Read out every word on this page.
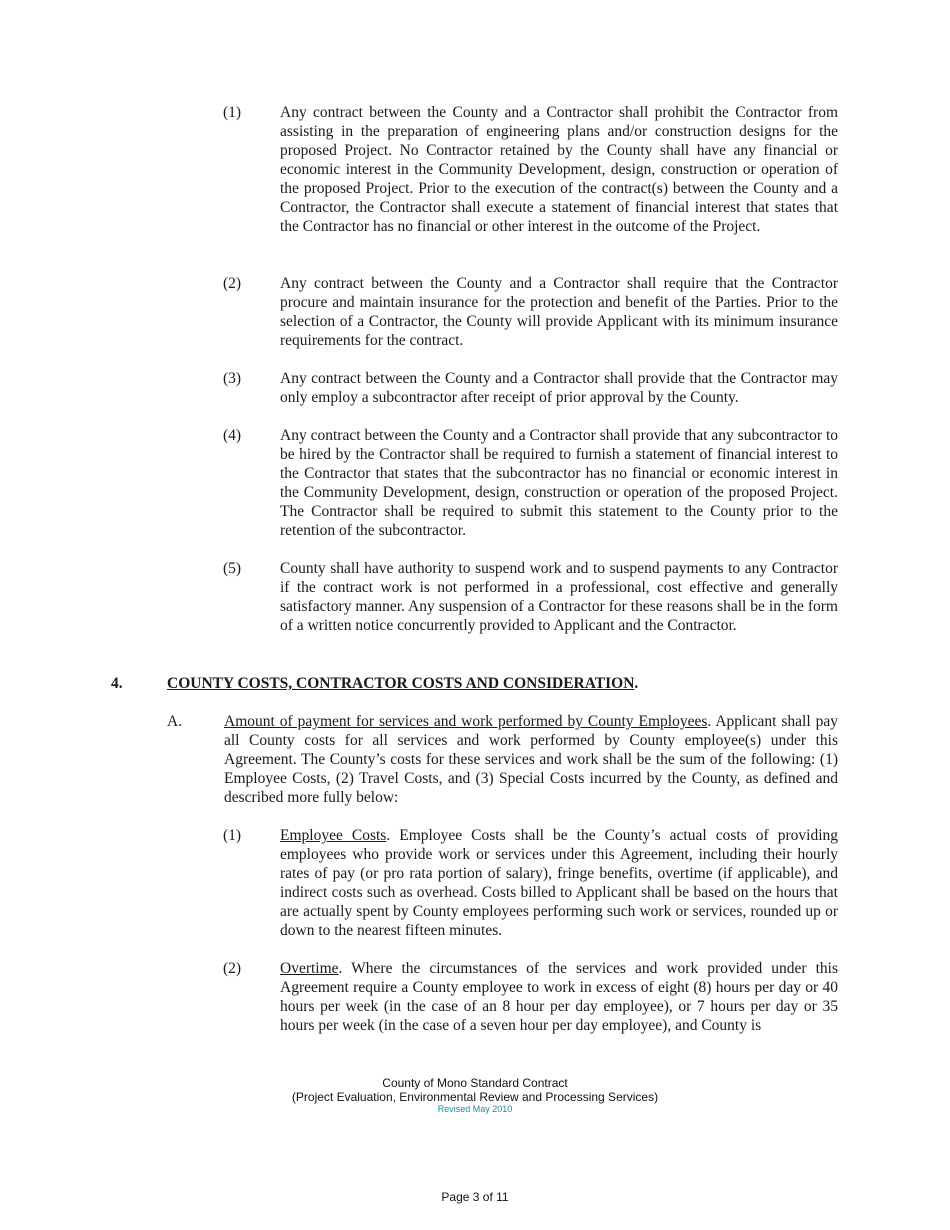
(1)	Any contract between the County and a Contractor shall prohibit the Contractor from assisting in the preparation of engineering plans and/or construction designs for the proposed Project. No Contractor retained by the County shall have any financial or economic interest in the Community Development, design, construction or operation of the proposed Project. Prior to the execution of the contract(s) between the County and a Contractor, the Contractor shall execute a statement of financial interest that states that the Contractor has no financial or other interest in the outcome of the Project.
(2)	Any contract between the County and a Contractor shall require that the Contractor procure and maintain insurance for the protection and benefit of the Parties. Prior to the selection of a Contractor, the County will provide Applicant with its minimum insurance requirements for the contract.
(3)	Any contract between the County and a Contractor shall provide that the Contractor may only employ a subcontractor after receipt of prior approval by the County.
(4)	Any contract between the County and a Contractor shall provide that any subcontractor to be hired by the Contractor shall be required to furnish a statement of financial interest to the Contractor that states that the subcontractor has no financial or economic interest in the Community Development, design, construction or operation of the proposed Project. The Contractor shall be required to submit this statement to the County prior to the retention of the subcontractor.
(5)	County shall have authority to suspend work and to suspend payments to any Contractor if the contract work is not performed in a professional, cost effective and generally satisfactory manner. Any suspension of a Contractor for these reasons shall be in the form of a written notice concurrently provided to Applicant and the Contractor.
4.	COUNTY COSTS, CONTRACTOR COSTS AND CONSIDERATION.
A.	Amount of payment for services and work performed by County Employees. Applicant shall pay all County costs for all services and work performed by County employee(s) under this Agreement. The County’s costs for these services and work shall be the sum of the following: (1) Employee Costs, (2) Travel Costs, and (3) Special Costs incurred by the County, as defined and described more fully below:
(1)	Employee Costs. Employee Costs shall be the County’s actual costs of providing employees who provide work or services under this Agreement, including their hourly rates of pay (or pro rata portion of salary), fringe benefits, overtime (if applicable), and indirect costs such as overhead. Costs billed to Applicant shall be based on the hours that are actually spent by County employees performing such work or services, rounded up or down to the nearest fifteen minutes.
(2)	Overtime. Where the circumstances of the services and work provided under this Agreement require a County employee to work in excess of eight (8) hours per day or 40 hours per week (in the case of an 8 hour per day employee), or 7 hours per day or 35 hours per week (in the case of a seven hour per day employee), and County is
County of Mono Standard Contract
(Project Evaluation, Environmental Review and Processing Services)
Revised May 2010
Page 3 of 11
